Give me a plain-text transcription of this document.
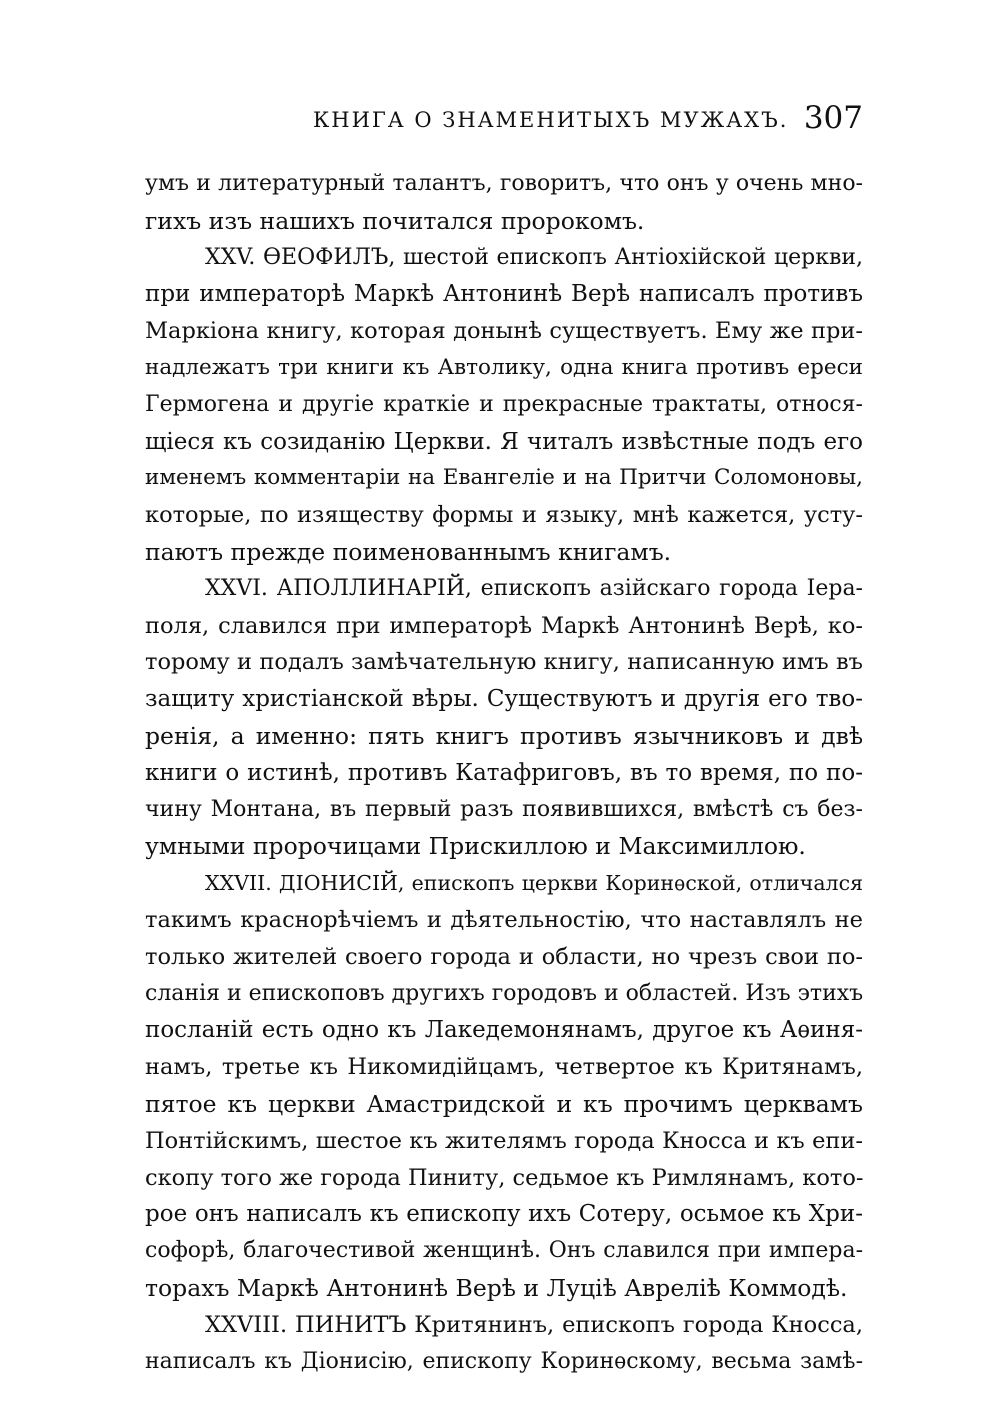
КНИГА О ЗНАМЕНИТЫХЪ МУЖАХЪ. 307
умъ и литературный талантъ, говоритъ, что онъ у очень мно-
гихъ изъ нашихъ почитался пророкомъ.
XXV. ѲЕОФИЛЪ, шестой епископъ Антіохійской церкви,
при императорѣ Маркѣ Антонинѣ Верѣ написалъ противъ
Маркіона книгу, которая донынѣ существуетъ. Ему же при-
надлежатъ три книги къ Автолику, одна книга противъ ереси
Гермогена и другіе краткіе и прекрасные трактаты, относя-
щіеся къ созиданію Церкви. Я читалъ извѣстные подъ его
именемъ комментаріи на Евангеліе и на Притчи Соломоновы,
которые, по изяществу формы и языку, мнѣ кажется, усту-
паютъ прежде поименованнымъ книгамъ.
XXVI. АПОЛЛИНАРІЙ, епископъ азійскаго города Іера-
поля, славился при императорѣ Маркѣ Антонинѣ Верѣ, ко-
торому и подалъ замѣчательную книгу, написанную имъ въ
защиту христіанской вѣры. Существуютъ и другія его тво-
ренія, а именно: пять книгъ противъ язычниковъ и двѣ
книги о истинѣ, противъ Катафриговъ, въ то время, по по-
чину Монтана, въ первый разъ появившихся, вмѣстѣ съ без-
умными пророчицами Прискиллою и Максимиллою.
XXVII. ДІОНИСІЙ, епископъ церкви Коринѳской, отличался
такимъ краснорѣчіемъ и дѣятельностію, что наставлялъ не
только жителей своего города и области, но чрезъ свои по-
сланія и епископовъ другихъ городовъ и областей. Изъ этихъ
посланій есть одно къ Лакедемонянамъ, другое къ Аѳиня-
намъ, третье къ Никомидійцамъ, четвертое къ Критянамъ,
пятое къ церкви Амастридской и къ прочимъ церквамъ
Понтійскимъ, шестое къ жителямъ города Кносса и къ епи-
скопу того же города Пиниту, седьмое къ Римлянамъ, кото-
рое онъ написалъ къ епископу ихъ Сотеру, осьмое къ Хри-
софорѣ, благочестивой женщинѣ. Онъ славился при импера-
торахъ Маркѣ Антонинѣ Верѣ и Луціѣ Авреліѣ Коммодѣ.
XXVIII. ПИНИТЪ Критянинъ, епископъ города Кносса,
написалъ къ Діонисію, епископу Коринѳскому, весьма замѣ-
